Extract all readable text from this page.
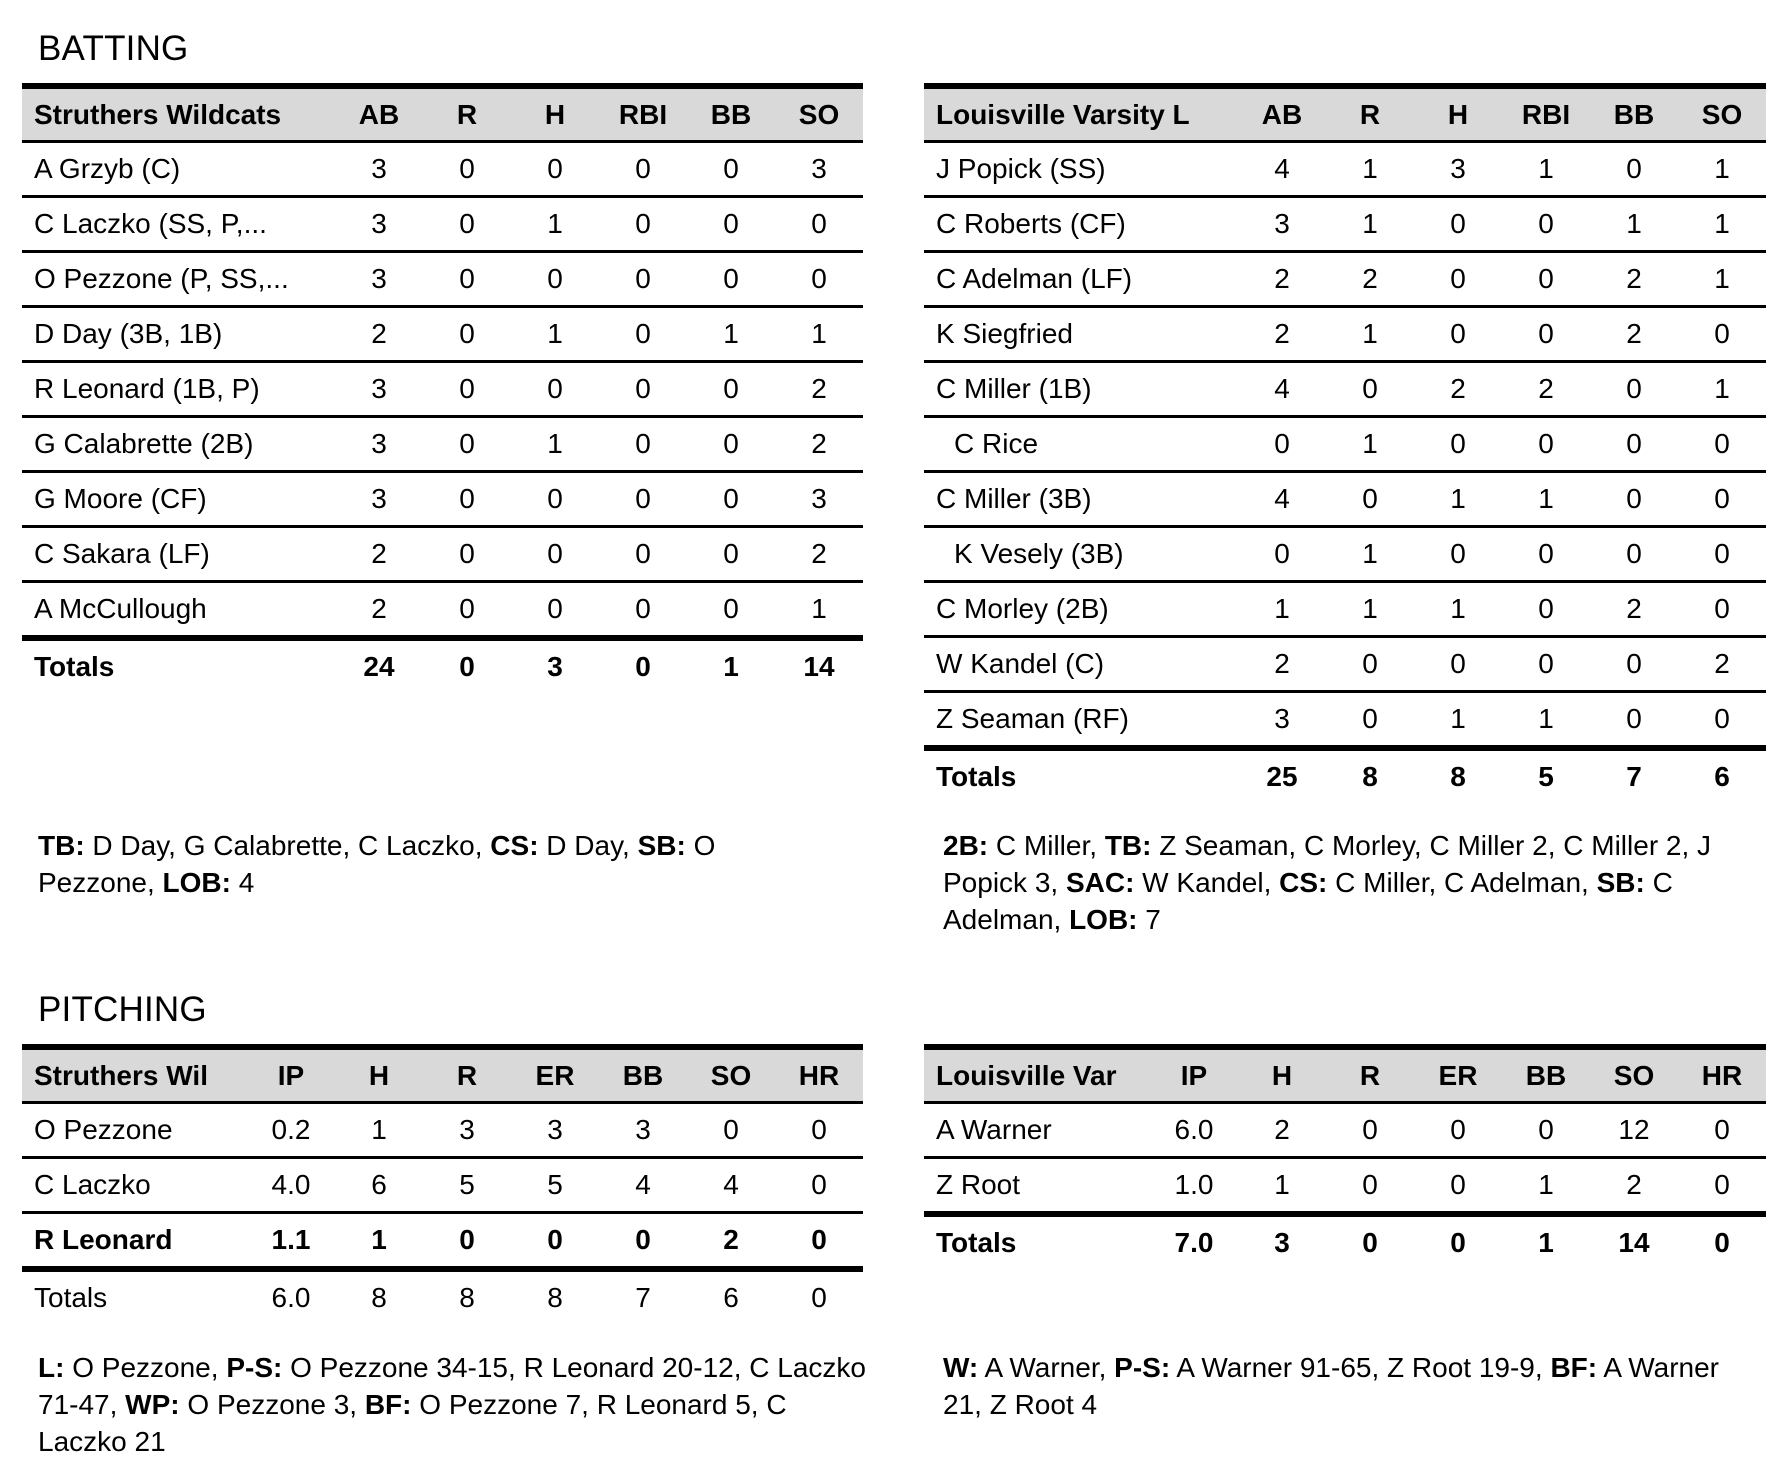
BATTING
Struthers Wildcats	AB	R	H	RBI	BB	SO
A Grzyb (C)	3	0	0	0	0	3
C Laczko (SS, P,...	3	0	1	0	0	0
O Pezzone (P, SS,...	3	0	0	0	0	0
D Day (3B, 1B)	2	0	1	0	1	1
R Leonard (1B, P)	3	0	0	0	0	2
G Calabrette (2B)	3	0	1	0	0	2
G Moore (CF)	3	0	0	0	0	3
C Sakara (LF)	2	0	0	0	0	2
A McCullough	2	0	0	0	0	1
Totals	24	0	3	0	1	14
Louisville Varsity L	AB	R	H	RBI	BB	SO
J Popick (SS)	4	1	3	1	0	1
C Roberts (CF)	3	1	0	0	1	1
C Adelman (LF)	2	2	0	0	2	1
K Siegfried	2	1	0	0	2	0
C Miller (1B)	4	0	2	2	0	1
C Rice	0	1	0	0	0	0
C Miller (3B)	4	0	1	1	0	0
K Vesely (3B)	0	1	0	0	0	0
C Morley (2B)	1	1	1	0	2	0
W Kandel (C)	2	0	0	0	0	2
Z Seaman (RF)	3	0	1	1	0	0
Totals	25	8	8	5	7	6

TB: D Day, G Calabrette, C Laczko, CS: D Day, SB: O Pezzone, LOB: 4

2B: C Miller, TB: Z Seaman, C Morley, C Miller 2, C Miller 2, J Popick 3, SAC: W Kandel, CS: C Miller, C Adelman, SB: C Adelman, LOB: 7

PITCHING
Struthers Wil	IP	H	R	ER	BB	SO	HR
O Pezzone	0.2	1	3	3	3	0	0
C Laczko	4.0	6	5	5	4	4	0
R Leonard	1.1	1	0	0	0	2	0
Totals	6.0	8	8	8	7	6	0
Louisville Var	IP	H	R	ER	BB	SO	HR
A Warner	6.0	2	0	0	0	12	0
Z Root	1.0	1	0	0	1	2	0
Totals	7.0	3	0	0	1	14	0

L: O Pezzone, P-S: O Pezzone 34-15, R Leonard 20-12, C Laczko 71-47, WP: O Pezzone 3, BF: O Pezzone 7, R Leonard 5, C Laczko 21

W: A Warner, P-S: A Warner 91-65, Z Root 19-9, BF: A Warner 21, Z Root 4
